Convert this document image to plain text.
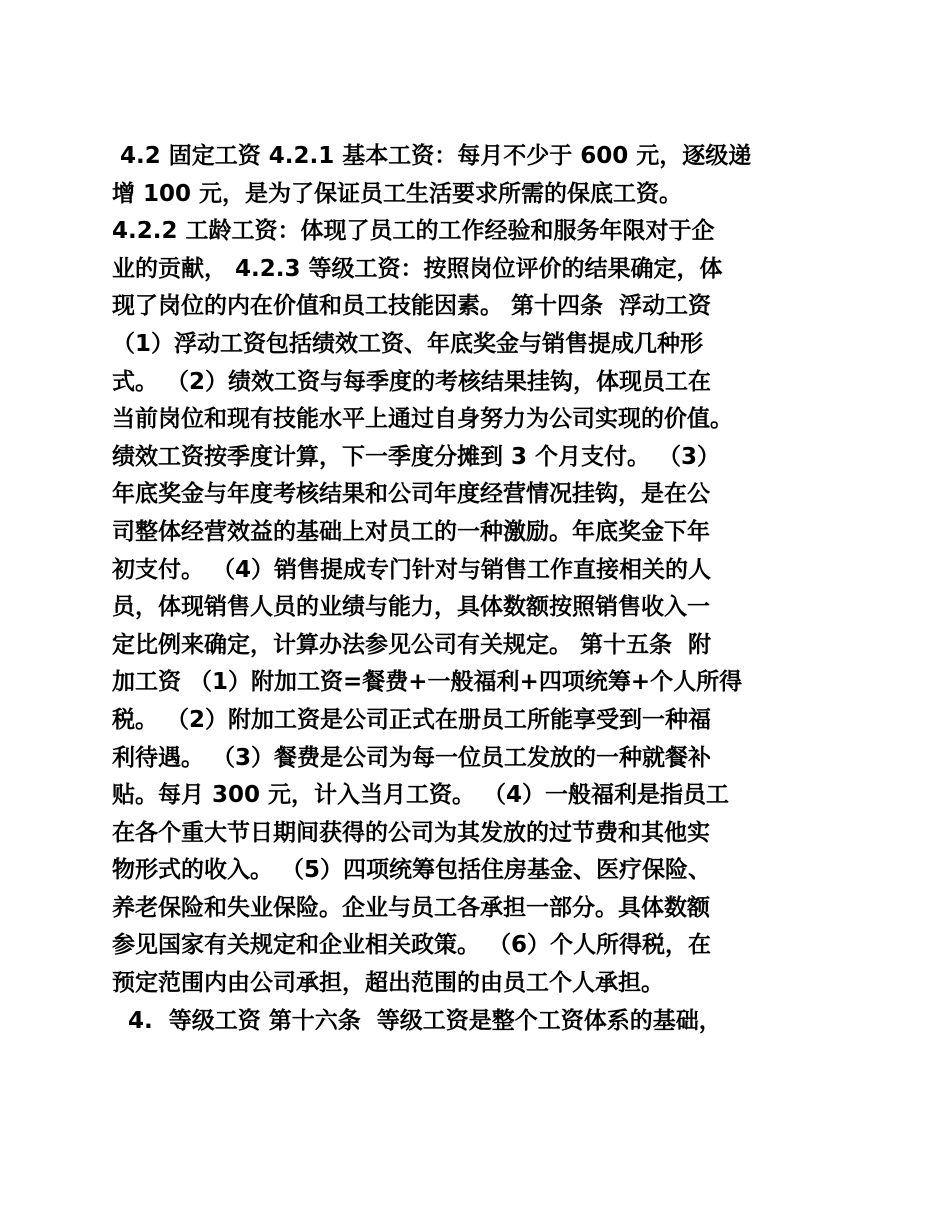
4.2 固定工资 4.2.1 基本工资：每月不少于 600 元，逐级递
增 100 元，是为了保证员工生活要求所需的保底工资。
4.2.2 工龄工资：体现了员工的工作经验和服务年限对于企
业的贡献， 4.2.3 等级工资：按照岗位评价的结果确定，体
现了岗位的内在价值和员工技能因素。 第十四条  浮动工资
（1）浮动工资包括绩效工资、年底奖金与销售提成几种形
式。 （2）绩效工资与每季度的考核结果挂钩，体现员工在
当前岗位和现有技能水平上通过自身努力为公司实现的价值。
绩效工资按季度计算，下一季度分摊到 3 个月支付。 （3）
年底奖金与年度考核结果和公司年度经营情况挂钩，是在公
司整体经营效益的基础上对员工的一种激励。年底奖金下年
初支付。 （4）销售提成专门针对与销售工作直接相关的人
员，体现销售人员的业绩与能力，具体数额按照销售收入一
定比例来确定，计算办法参见公司有关规定。 第十五条  附
加工资 （1）附加工资=餐费+一般福利+四项统筹+个人所得
税。 （2）附加工资是公司正式在册员工所能享受到一种福
利待遇。 （3）餐费是公司为每一位员工发放的一种就餐补
贴。每月 300 元，计入当月工资。 （4）一般福利是指员工
在各个重大节日期间获得的公司为其发放的过节费和其他实
物形式的收入。 （5）四项统筹包括住房基金、医疗保险、
养老保险和失业保险。企业与员工各承担一部分。具体数额
参见国家有关规定和企业相关政策。 （6）个人所得税，在
预定范围内由公司承担，超出范围的由员工个人承担。
4.  等级工资 第十六条  等级工资是整个工资体系的基础，
